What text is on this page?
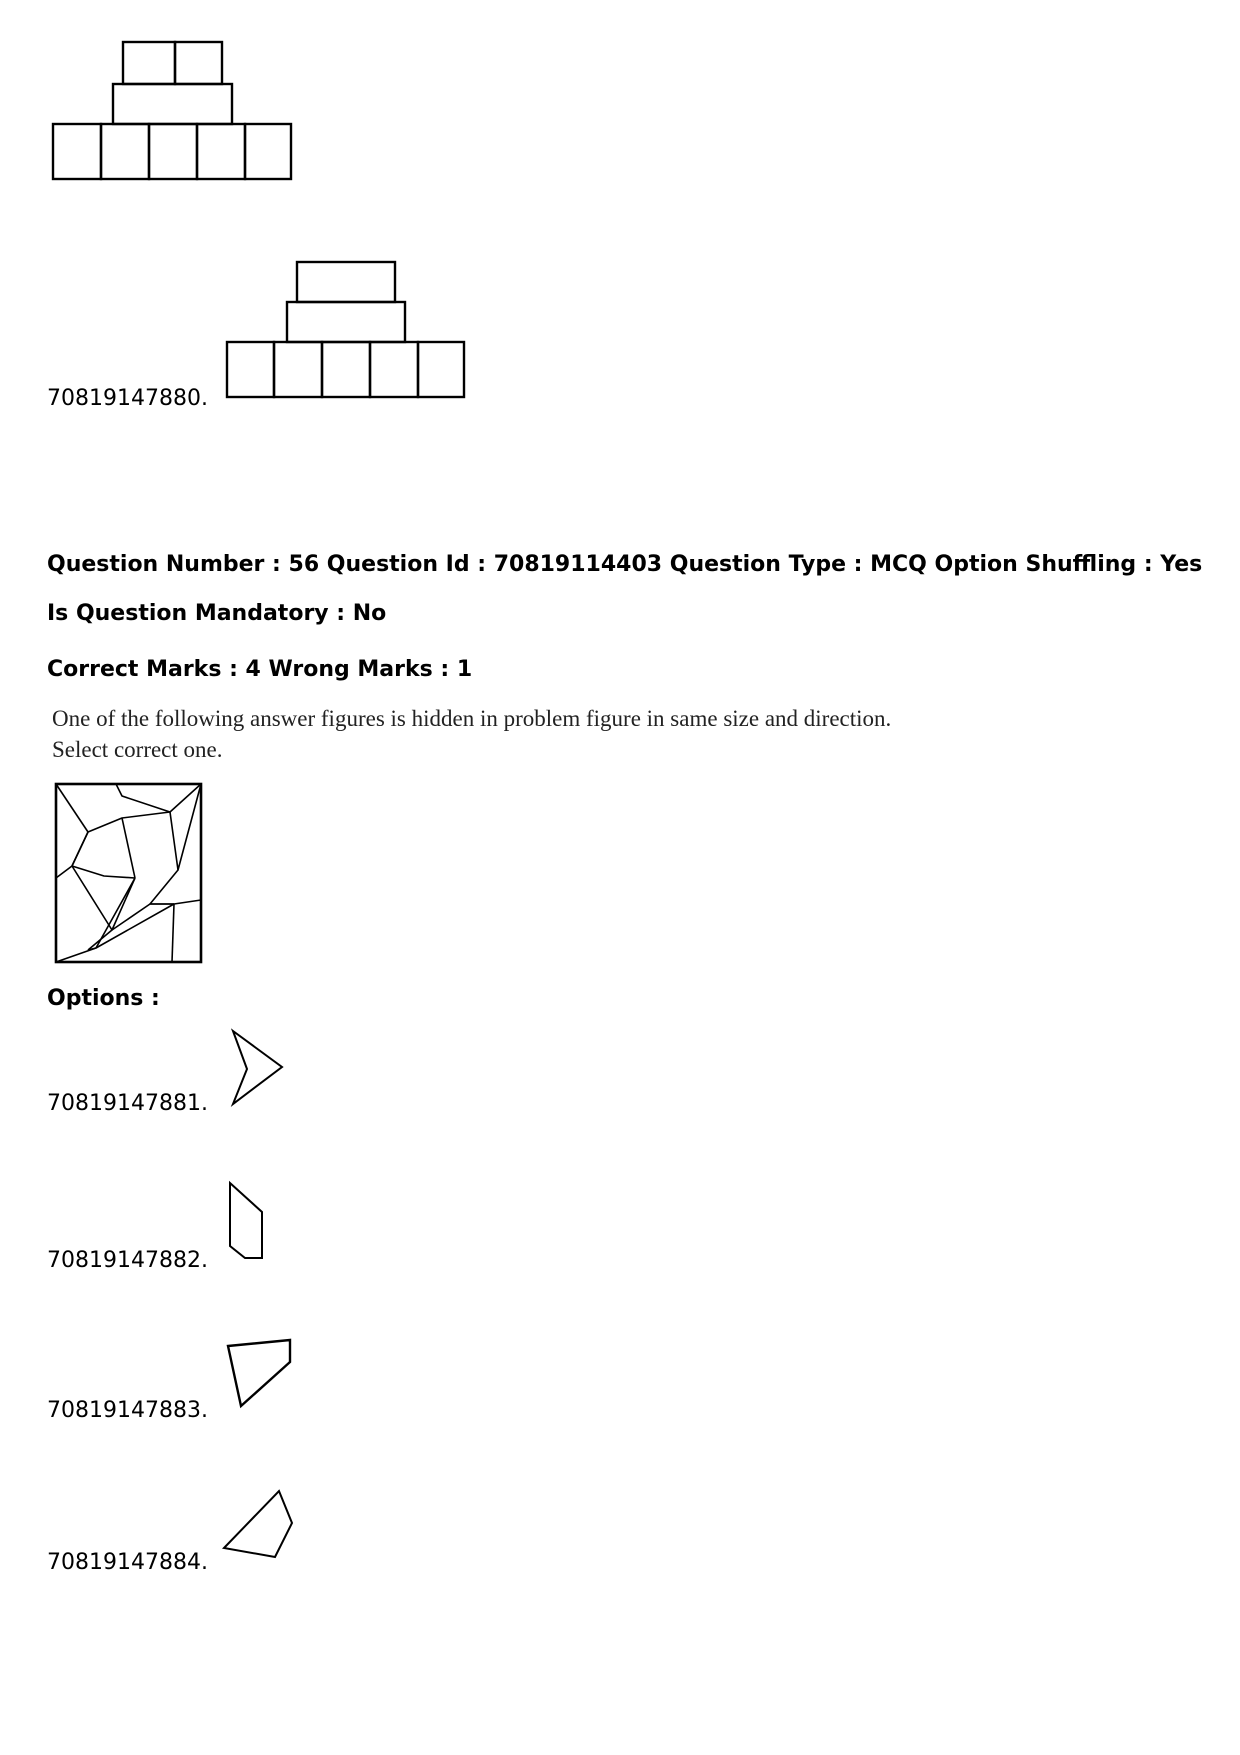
70819147880.
Question Number : 56 Question Id : 70819114403 Question Type : MCQ Option Shuffling : Yes
Is Question Mandatory : No
Correct Marks : 4 Wrong Marks : 1
One of the following answer figures is hidden in problem figure in same size and direction.
Select correct one.
Options :
70819147881.
70819147882.
70819147883.
70819147884.
